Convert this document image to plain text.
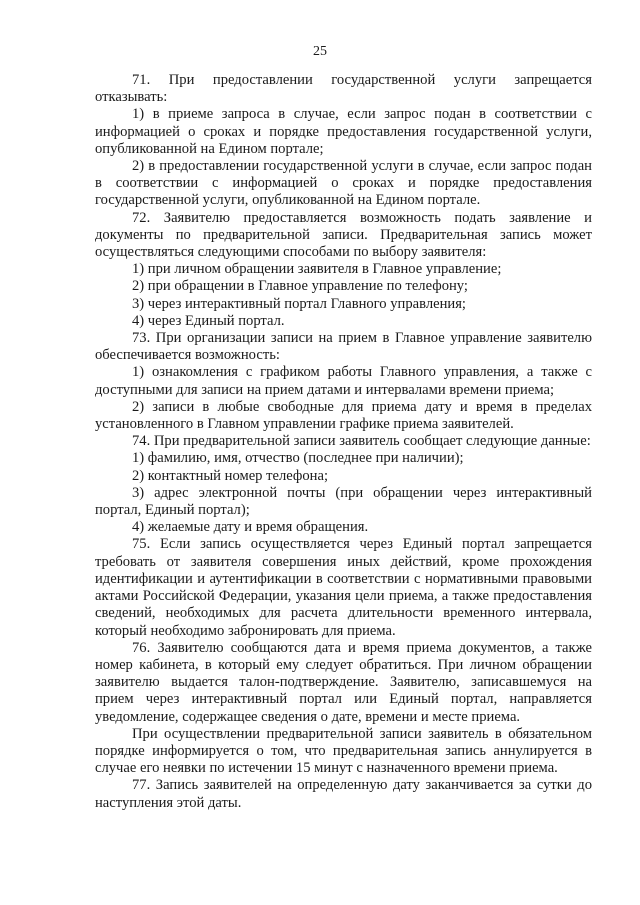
25

71. При предоставлении государственной услуги запрещается отказывать:

1) в приеме запроса в случае, если запрос подан в соответствии с информацией о сроках и порядке предоставления государственной услуги, опубликованной на Едином портале;

2) в предоставлении государственной услуги в случае, если запрос подан в соответствии с информацией о сроках и порядке предоставления государственной услуги, опубликованной на Едином портале.

72. Заявителю предоставляется возможность подать заявление и документы по предварительной записи. Предварительная запись может осуществляться следующими способами по выбору заявителя:

1) при личном обращении заявителя в Главное управление;

2) при обращении в Главное управление по телефону;

3) через интерактивный портал Главного управления;

4) через Единый портал.

73. При организации записи на прием в Главное управление заявителю обеспечивается возможность:

1) ознакомления с графиком работы Главного управления, а также с доступными для записи на прием датами и интервалами времени приема;

2) записи в любые свободные для приема дату и время в пределах установленного в Главном управлении графике приема заявителей.

74. При предварительной записи заявитель сообщает следующие данные:

1) фамилию, имя, отчество (последнее при наличии);

2) контактный номер телефона;

3) адрес электронной почты (при обращении через интерактивный портал, Единый портал);

4) желаемые дату и время обращения.

75. Если запись осуществляется через Единый портал запрещается требовать от заявителя совершения иных действий, кроме прохождения идентификации и аутентификации в соответствии с нормативными правовыми актами Российской Федерации, указания цели приема, а также предоставления сведений, необходимых для расчета длительности временного интервала, который необходимо забронировать для приема.

76. Заявителю сообщаются дата и время приема документов, а также номер кабинета, в который ему следует обратиться. При личном обращении заявителю выдается талон-подтверждение. Заявителю, записавшемуся на прием через интерактивный портал или Единый портал, направляется уведомление, содержащее сведения о дате, времени и месте приема.

При осуществлении предварительной записи заявитель в обязательном порядке информируется о том, что предварительная запись аннулируется в случае его неявки по истечении 15 минут с назначенного времени приема.

77. Запись заявителей на определенную дату заканчивается за сутки до наступления этой даты.
